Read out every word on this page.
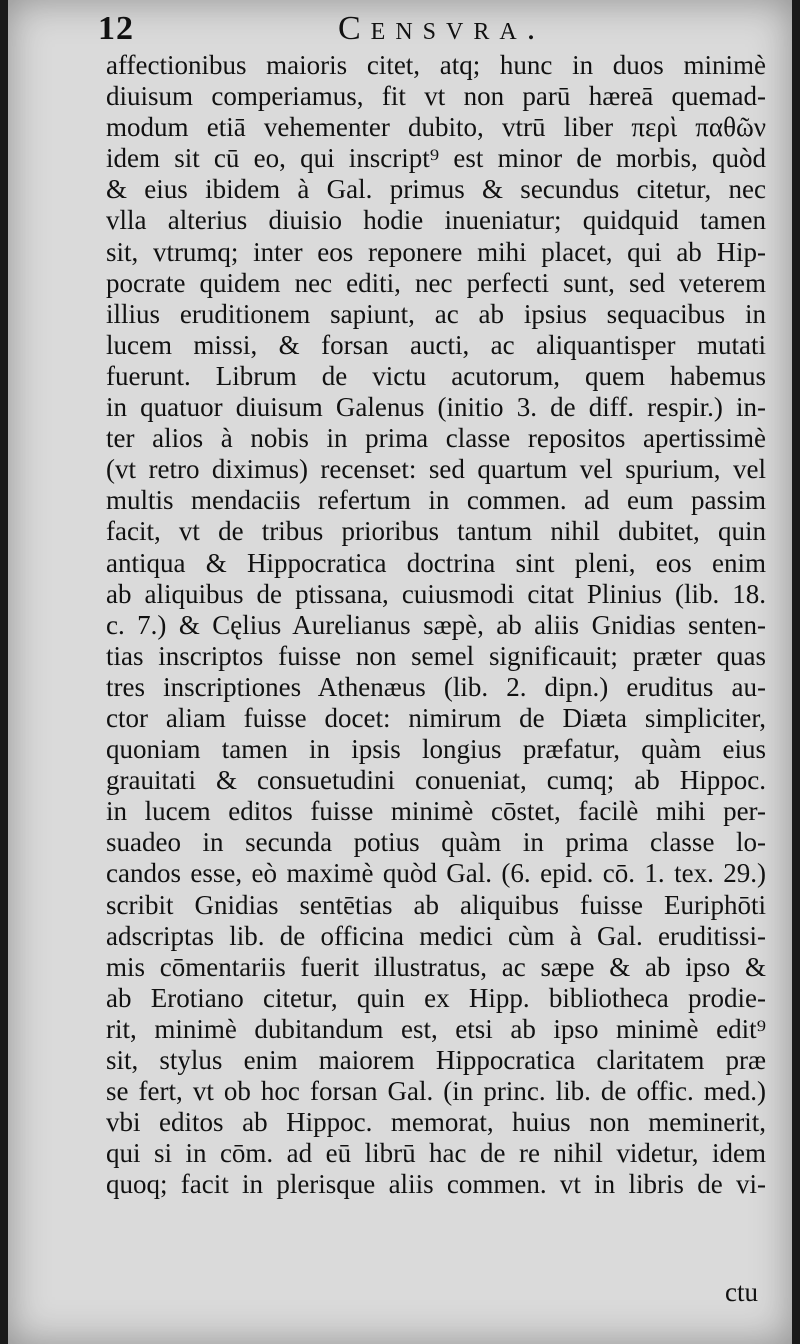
12	Censvra.
affectionibus maioris citet, atq; hunc in duos minimè
diuisum comperiamus, fit vt non parū hæreā quemad-
modum etiā vehementer dubito, vtrū liber περὶ παθῶν
idem sit cū eo, qui inscript⁹ est minor de morbis, quòd
& eius ibidem à Gal. primus & secundus citetur, nec
vlla alterius diuisio hodie inueniatur; quidquid tamen
sit, vtrumq; inter eos reponere mihi placet, qui ab Hip-
pocrate quidem nec editi, nec perfecti sunt, sed veterem
illius eruditionem sapiunt, ac ab ipsius sequacibus in
lucem missi, & forsan aucti, ac aliquantisper mutati
fuerunt. Librum de victu acutorum, quem habemus
in quatuor diuisum Galenus (initio 3. de diff. respir.) in-
ter alios à nobis in prima classe repositos apertissimè
(vt retro diximus) recenset: sed quartum vel spurium, vel
multis mendaciis refertum in commen. ad eum passim
facit, vt de tribus prioribus tantum nihil dubitet, quin
antiqua & Hippocratica doctrina sint pleni, eos enim
ab aliquibus de ptissana, cuiusmodi citat Plinius (lib. 18.
c. 7.) & Cęlius Aurelianus sæpè, ab aliis Gnidias senten-
tias inscriptos fuisse non semel significauit; præter quas
tres inscriptiones Athenæus (lib. 2. dipn.) eruditus au-
ctor aliam fuisse docet: nimirum de Diæta simpliciter,
quoniam tamen in ipsis longius præfatur, quàm eius
grauitati & consuetudini conueniat, cumq; ab Hippoc.
in lucem editos fuisse minimè cōstet, facilè mihi per-
suadeo in secunda potius quàm in prima classe lo-
candos esse, eò maximè quòd Gal. (6. epid. cō. 1. tex. 29.)
scribit Gnidias sentētias ab aliquibus fuisse Euriphōti
adscriptas lib. de officina medici cùm à Gal. eruditissi-
mis cōmentariis fuerit illustratus, ac sæpe & ab ipso &
ab Erotiano citetur, quin ex Hipp. bibliotheca prodie-
rit, minimè dubitandum est, etsi ab ipso minimè edit⁹
sit, stylus enim maiorem Hippocratica claritatem præ
se fert, vt ob hoc forsan Gal. (in princ. lib. de offic. med.)
vbi editos ab Hippoc. memorat, huius non meminerit,
qui si in cōm. ad eū librū hac de re nihil videtur, idem
quoq; facit in plerisque aliis commen. vt in libris de vi-
ctu
